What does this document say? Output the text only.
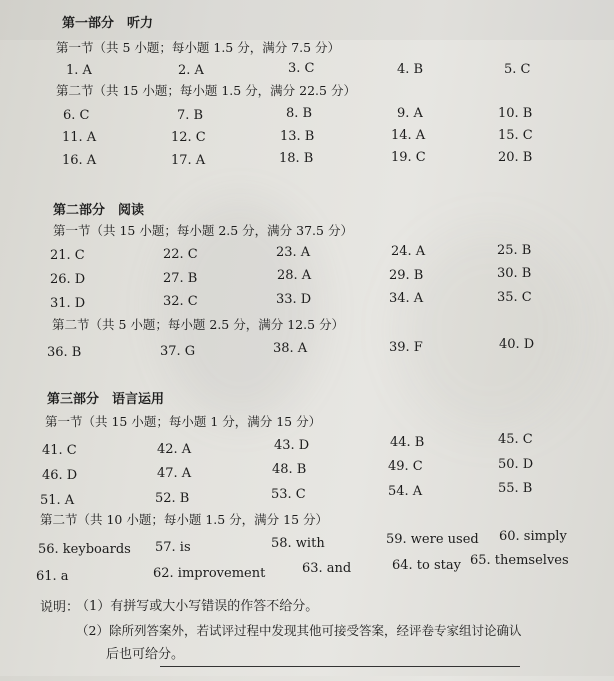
第一部分　听力
第一节（共 5 小题；每小题 1.5 分，满分 7.5 分）
1. A	2. A	3. C	4. B	5. C
第二节（共 15 小题；每小题 1.5 分，满分 22.5 分）
6. C	7. B	8. B	9. A	10. B
11. A	12. C	13. B	14. A	15. C
16. A	17. A	18. B	19. C	20. B
第二部分　阅读
第一节（共 15 小题；每小题 2.5 分，满分 37.5 分）
21. C	22. C	23. A	24. A	25. B
26. D	27. B	28. A	29. B	30. B
31. D	32. C	33. D	34. A	35. C
第二节（共 5 小题；每小题 2.5 分，满分 12.5 分）
36. B	37. G	38. A	39. F	40. D
第三部分　语言运用
第一节（共 15 小题；每小题 1 分，满分 15 分）
41. C	42. A	43. D	44. B	45. C
46. D	47. A	48. B	49. C	50. D
51. A	52. B	53. C	54. A	55. B
第二节（共 10 小题；每小题 1.5 分，满分 15 分）
56. keyboards 57. is	58. with	59. were used 60. simply
61. a	62. improvement	63. and	64. to stay 65. themselves
说明：
（1）有拼写或大小写错误的作答不给分。
（2）除所列答案外，若试评过程中发现其他可接受答案，经评卷专家组讨论确认
后也可给分。
